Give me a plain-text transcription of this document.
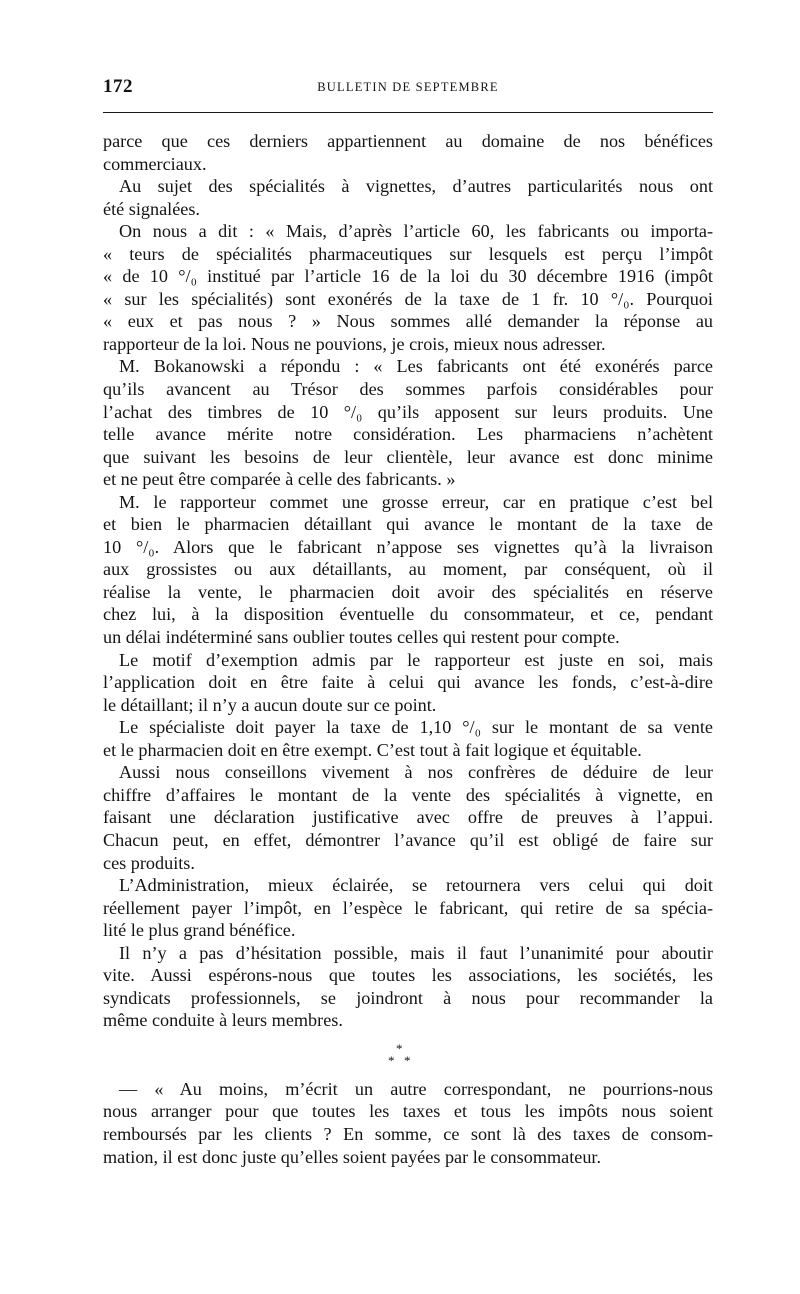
172	BULLETIN DE SEPTEMBRE
parce que ces derniers appartiennent au domaine de nos bénéfices
commerciaux.
Au sujet des spécialités à vignettes, d’autres particularités nous ont
été signalées.
On nous a dit : « Mais, d’après l’article 60, les fabricants ou importa-
« teurs de spécialités pharmaceutiques sur lesquels est perçu l’impôt
« de 10 °/₀ institué par l’article 16 de la loi du 30 décembre 1916 (impôt
« sur les spécialités) sont exonérés de la taxe de 1 fr. 10 °/₀. Pourquoi
« eux et pas nous ? » Nous sommes allé demander la réponse au
rapporteur de la loi. Nous ne pouvions, je crois, mieux nous adresser.
M. Bokanowski a répondu : « Les fabricants ont été exonérés parce
qu’ils avancent au Trésor des sommes parfois considérables pour
l’achat des timbres de 10 °/₀ qu’ils apposent sur leurs produits. Une
telle avance mérite notre considération. Les pharmaciens n’achètent
que suivant les besoins de leur clientèle, leur avance est donc minime
et ne peut être comparée à celle des fabricants. »
M. le rapporteur commet une grosse erreur, car en pratique c’est bel
et bien le pharmacien détaillant qui avance le montant de la taxe de
10 °/₀. Alors que le fabricant n’appose ses vignettes qu’à la livraison
aux grossistes ou aux détaillants, au moment, par conséquent, où il
réalise la vente, le pharmacien doit avoir des spécialités en réserve
chez lui, à la disposition éventuelle du consommateur, et ce, pendant
un délai indéterminé sans oublier toutes celles qui restent pour compte.
Le motif d’exemption admis par le rapporteur est juste en soi, mais
l’application doit en être faite à celui qui avance les fonds, c’est-à-dire
le détaillant; il n’y a aucun doute sur ce point.
Le spécialiste doit payer la taxe de 1,10 °/₀ sur le montant de sa vente
et le pharmacien doit en être exempt. C’est tout à fait logique et équitable.
Aussi nous conseillons vivement à nos confrères de déduire de leur
chiffre d’affaires le montant de la vente des spécialités à vignette, en
faisant une déclaration justificative avec offre de preuves à l’appui.
Chacun peut, en effet, démontrer l’avance qu’il est obligé de faire sur
ces produits.
L’Administration, mieux éclairée, se retournera vers celui qui doit
réellement payer l’impôt, en l’espèce le fabricant, qui retire de sa spécia-
lité le plus grand bénéfice.
Il n’y a pas d’hésitation possible, mais il faut l’unanimité pour aboutir
vite. Aussi espérons-nous que toutes les associations, les sociétés, les
syndicats professionnels, se joindront à nous pour recommander la
même conduite à leurs membres.
*
* *
— « Au moins, m’écrit un autre correspondant, ne pourrions-nous
nous arranger pour que toutes les taxes et tous les impôts nous soient
remboursés par les clients ? En somme, ce sont là des taxes de consom-
mation, il est donc juste qu’elles soient payées par le consommateur.
